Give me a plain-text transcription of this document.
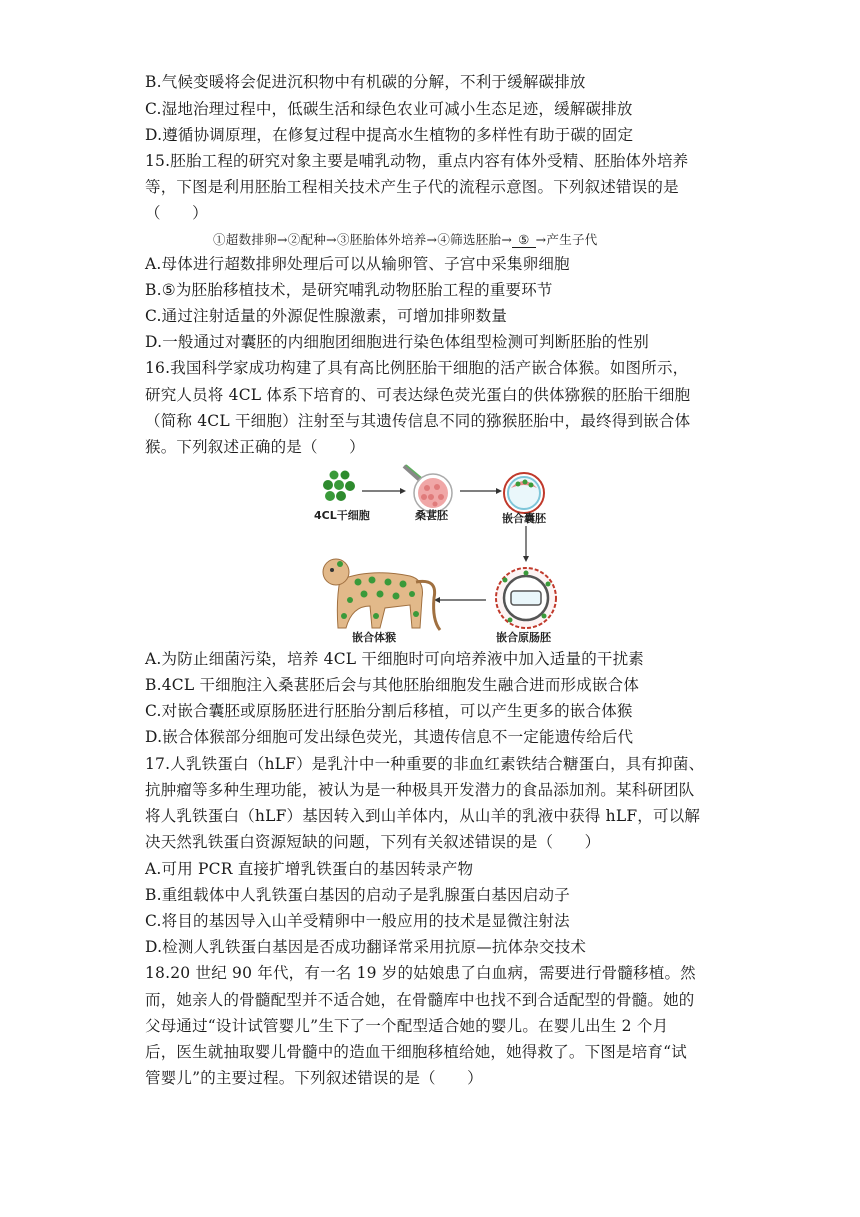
B.气候变暖将会促进沉积物中有机碳的分解，不利于缓解碳排放
C.湿地治理过程中，低碳生活和绿色农业可减小生态足迹，缓解碳排放
D.遵循协调原理，在修复过程中提高水生植物的多样性有助于碳的固定
15.胚胎工程的研究对象主要是哺乳动物，重点内容有体外受精、胚胎体外培养
等，下图是利用胚胎工程相关技术产生子代的流程示意图。下列叙述错误的是
（　　）
①超数排卵→②配种→③胚胎体外培养→④筛选胚胎→ ⑤ →产生子代
A.母体进行超数排卵处理后可以从输卵管、子宫中采集卵细胞
B.⑤为胚胎移植技术，是研究哺乳动物胚胎工程的重要环节
C.通过注射适量的外源促性腺激素，可增加排卵数量
D.一般通过对囊胚的内细胞团细胞进行染色体组型检测可判断胚胎的性别
16.我国科学家成功构建了具有高比例胚胎干细胞的活产嵌合体猴。如图所示，
研究人员将 4CL 体系下培育的、可表达绿色荧光蛋白的供体猕猴的胚胎干细胞
（简称 4CL 干细胞）注射至与其遗传信息不同的猕猴胚胎中，最终得到嵌合体
猴。下列叙述正确的是（　　）
4CL干细胞	桑葚胚	嵌合囊胚
嵌合体猴	嵌合原肠胚
A.为防止细菌污染，培养 4CL 干细胞时可向培养液中加入适量的干扰素
B.4CL 干细胞注入桑葚胚后会与其他胚胎细胞发生融合进而形成嵌合体
C.对嵌合囊胚或原肠胚进行胚胎分割后移植，可以产生更多的嵌合体猴
D.嵌合体猴部分细胞可发出绿色荧光，其遗传信息不一定能遗传给后代
17.人乳铁蛋白（hLF）是乳汁中一种重要的非血红素铁结合糖蛋白，具有抑菌、
抗肿瘤等多种生理功能，被认为是一种极具开发潜力的食品添加剂。某科研团队
将人乳铁蛋白（hLF）基因转入到山羊体内，从山羊的乳液中获得 hLF，可以解
决天然乳铁蛋白资源短缺的问题，下列有关叙述错误的是（　　）
A.可用 PCR 直接扩增乳铁蛋白的基因转录产物
B.重组载体中人乳铁蛋白基因的启动子是乳腺蛋白基因启动子
C.将目的基因导入山羊受精卵中一般应用的技术是显微注射法
D.检测人乳铁蛋白基因是否成功翻译常采用抗原—抗体杂交技术
18.20 世纪 90 年代，有一名 19 岁的姑娘患了白血病，需要进行骨髓移植。然
而，她亲人的骨髓配型并不适合她，在骨髓库中也找不到合适配型的骨髓。她的
父母通过“设计试管婴儿”生下了一个配型适合她的婴儿。在婴儿出生 2 个月
后，医生就抽取婴儿骨髓中的造血干细胞移植给她，她得救了。下图是培育“试
管婴儿”的主要过程。下列叙述错误的是（　　）
